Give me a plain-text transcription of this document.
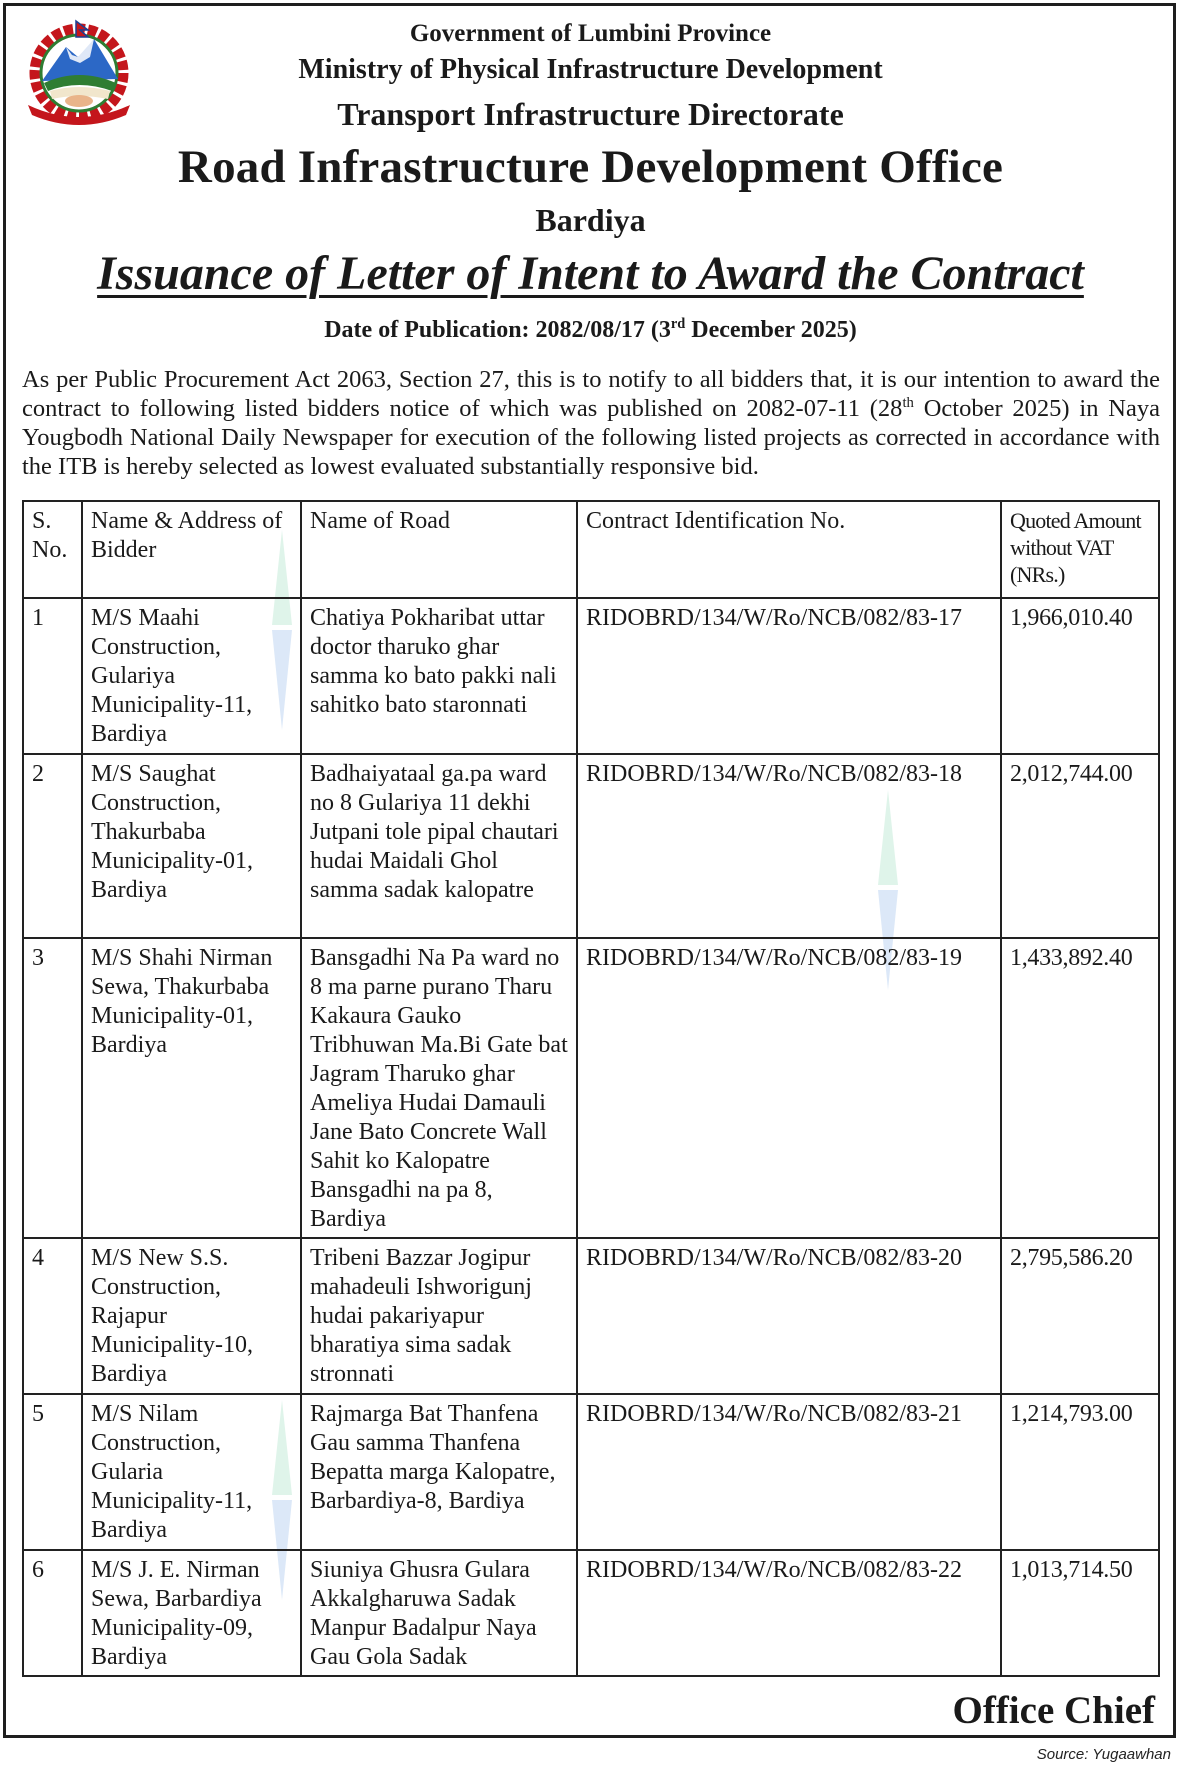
Government of Lumbini Province
Ministry of Physical Infrastructure Development
Transport Infrastructure Directorate
Road Infrastructure Development Office
Bardiya
Issuance of Letter of Intent to Award the Contract
Date of Publication: 2082/08/17 (3rd December 2025)
As per Public Procurement Act 2063, Section 27, this is to notify to all bidders that, it is our intention to award the contract to following listed bidders notice of which was published on 2082-07-11 (28th October 2025) in Naya Yougbodh National Daily Newspaper for execution of the following listed projects as corrected in accordance with the ITB is hereby selected as lowest evaluated substantially responsive bid.
S. No.	Name & Address of Bidder	Name of Road	Contract Identification No.	Quoted Amount without VAT (NRs.)
1	M/S Maahi Construction, Gulariya Municipality-11, Bardiya	Chatiya Pokharibat uttar doctor tharuko ghar samma ko bato pakki nali sahitko bato staronnati	RIDOBRD/134/W/Ro/NCB/082/83-17	1,966,010.40
2	M/S Saughat Construction, Thakurbaba Municipality-01, Bardiya	Badhaiyataal ga.pa ward no 8 Gulariya 11 dekhi Jutpani tole pipal chautari hudai Maidali Ghol samma sadak kalopatre	RIDOBRD/134/W/Ro/NCB/082/83-18	2,012,744.00
3	M/S Shahi Nirman Sewa, Thakurbaba Municipality-01, Bardiya	Bansgadhi Na Pa ward no 8 ma parne purano Tharu Kakaura Gauko Tribhuwan Ma.Bi Gate bat Jagram Tharuko ghar Ameliya Hudai Damauli Jane Bato Concrete Wall Sahit ko Kalopatre Bansgadhi na pa 8, Bardiya	RIDOBRD/134/W/Ro/NCB/082/83-19	1,433,892.40
4	M/S New S.S. Construction, Rajapur Municipality-10, Bardiya	Tribeni Bazzar Jogipur mahadeuli Ishworigunj hudai pakariyapur bharatiya sima sadak stronnati	RIDOBRD/134/W/Ro/NCB/082/83-20	2,795,586.20
5	M/S Nilam Construction, Gularia Municipality-11, Bardiya	Rajmarga Bat Thanfena Gau samma Thanfena Bepatta marga Kalopatre, Barbardiya-8, Bardiya	RIDOBRD/134/W/Ro/NCB/082/83-21	1,214,793.00
6	M/S J. E. Nirman Sewa, Barbardiya Municipality-09, Bardiya	Siuniya Ghusra Gulara Akkalgharuwa Sadak Manpur Badalpur Naya Gau Gola Sadak	RIDOBRD/134/W/Ro/NCB/082/83-22	1,013,714.50
Office Chief
Source: Yugaawhan
